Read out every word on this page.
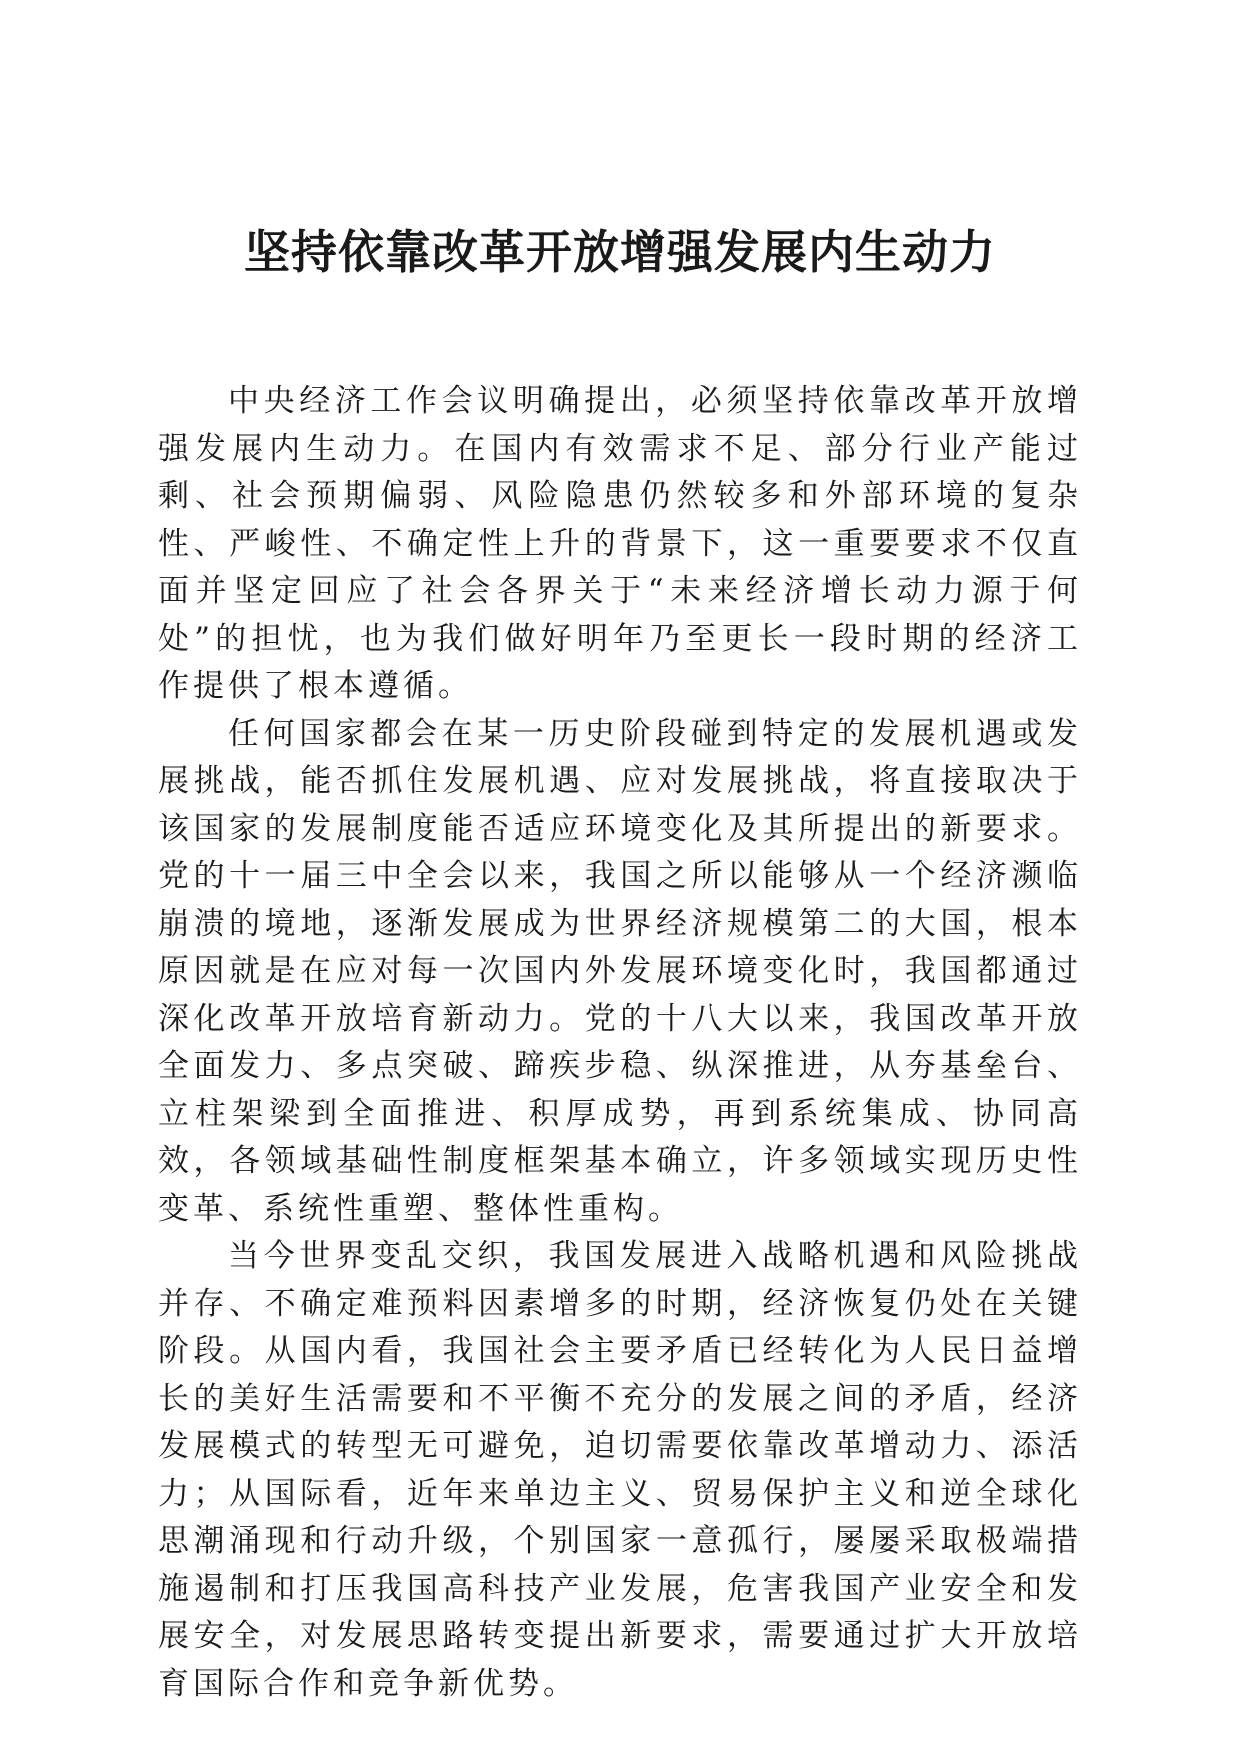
坚持依靠改革开放增强发展内生动力

中央经济工作会议明确提出，必须坚持依靠改革开放增强发展内生动力。在国内有效需求不足、部分行业产能过剩、社会预期偏弱、风险隐患仍然较多和外部环境的复杂性、严峻性、不确定性上升的背景下，这一重要要求不仅直面并坚定回应了社会各界关于“未来经济增长动力源于何处”的担忧，也为我们做好明年乃至更长一段时期的经济工作提供了根本遵循。

任何国家都会在某一历史阶段碰到特定的发展机遇或发展挑战，能否抓住发展机遇、应对发展挑战，将直接取决于该国家的发展制度能否适应环境变化及其所提出的新要求。党的十一届三中全会以来，我国之所以能够从一个经济濒临崩溃的境地，逐渐发展成为世界经济规模第二的大国，根本原因就是在应对每一次国内外发展环境变化时，我国都通过深化改革开放培育新动力。党的十八大以来，我国改革开放全面发力、多点突破、蹄疾步稳、纵深推进，从夯基垒台、立柱架梁到全面推进、积厚成势，再到系统集成、协同高效，各领域基础性制度框架基本确立，许多领域实现历史性变革、系统性重塑、整体性重构。

当今世界变乱交织，我国发展进入战略机遇和风险挑战并存、不确定难预料因素增多的时期，经济恢复仍处在关键阶段。从国内看，我国社会主要矛盾已经转化为人民日益增长的美好生活需要和不平衡不充分的发展之间的矛盾，经济发展模式的转型无可避免，迫切需要依靠改革增动力、添活力；从国际看，近年来单边主义、贸易保护主义和逆全球化思潮涌现和行动升级，个别国家一意孤行，屡屡采取极端措施遏制和打压我国高科技产业发展，危害我国产业安全和发展安全，对发展思路转变提出新要求，需要通过扩大开放培育国际合作和竞争新优势。
